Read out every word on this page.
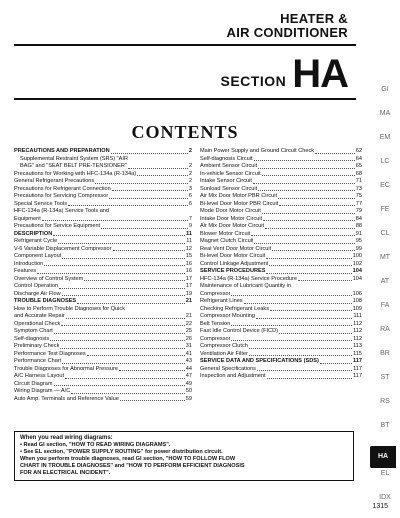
HEATER &
AIR CONDITIONER
SECTION HA
CONTENTS
PRECAUTIONS AND PREPARATION	2
Supplemental Restraint System (SRS) "AIR
BAG" and "SEAT BELT PRE-TENSIONER"	2
Precautions for Working with HFC-134a (R-134a)	2
General Refrigerant Precautions	2
Precautions for Refrigerant Connection	3
Precautions for Servicing Compressor	6
Special Service Tools	6
HFC-134a (R-134a) Service Tools and
Equipment	7
Precautions for Service Equipment	9
DESCRIPTION	11
Refrigerant Cycle	11
V-6 Variable Displacement Compressor	12
Component Layout	15
Introduction	16
Features	16
Overview of Control System	17
Control Operation	17
Discharge Air Flow	19
TROUBLE DIAGNOSES	21
How to Perform Trouble Diagnoses for Quick
and Accurate Repair	21
Operational Check	22
Symptom Chart	25
Self-diagnosis	26
Preliminary Check	31
Performance Test Diagnoses	41
Performance Chart	43
Trouble Diagnoses for Abnormal Pressure	44
A/C Harness Layout	47
Circuit Diagram	49
Wiring Diagram — A/C	50
Auto Amp. Terminals and Reference Value	59
Main Power Supply and Ground Circuit Check	62
Self-diagnosis Circuit	64
Ambient Sensor Circuit	65
In-vehicle Sensor Circuit	68
Intake Sensor Circuit	71
Sunload Sensor Circuit	73
Air Mix Door Motor PBR Circuit	75
Bi-level Door Motor PBR Circuit	77
Mode Door Motor Circuit	79
Intake Door Motor Circuit	84
Air Mix Door Motor Circuit	88
Blower Motor Circuit	91
Magnet Clutch Circuit	95
Real Vent Door Motor Circuit	99
Bi-level Door Motor Circuit	100
Control Linkage Adjustment	102
SERVICE PROCEDURES	104
HFC-134a (R-134a) Service Procedure	104
Maintenance of Lubricant Quantity in
Compressor	106
Refrigerant Lines	108
Checking Refrigerant Leaks	109
Compressor Mounting	111
Belt Tension	112
Fast Idle Control Device (FICD)	112
Compressor	112
Compressor Clutch	113
Ventilation Air Filter	115
SERVICE DATA AND SPECIFICATIONS (SDS)	117
General Specifications	117
Inspection and Adjustment	117
When you read wiring diagrams:
• Read GI section, "HOW TO READ WIRING DIAGRAMS".
• See EL section, "POWER SUPPLY ROUTING" for power distribution circuit.
When you perform trouble diagnoses, read GI section, "HOW TO FOLLOW FLOW
CHART IN TROUBLE DIAGNOSES" and "HOW TO PERFORM EFFICIENT DIAGNOSIS
FOR AN ELECTRICAL INCIDENT".
GI
MA
EM
LC
EC
FE
CL
MT
AT
FA
RA
BR
ST
RS
BT
HA
EL
IDX
1315
